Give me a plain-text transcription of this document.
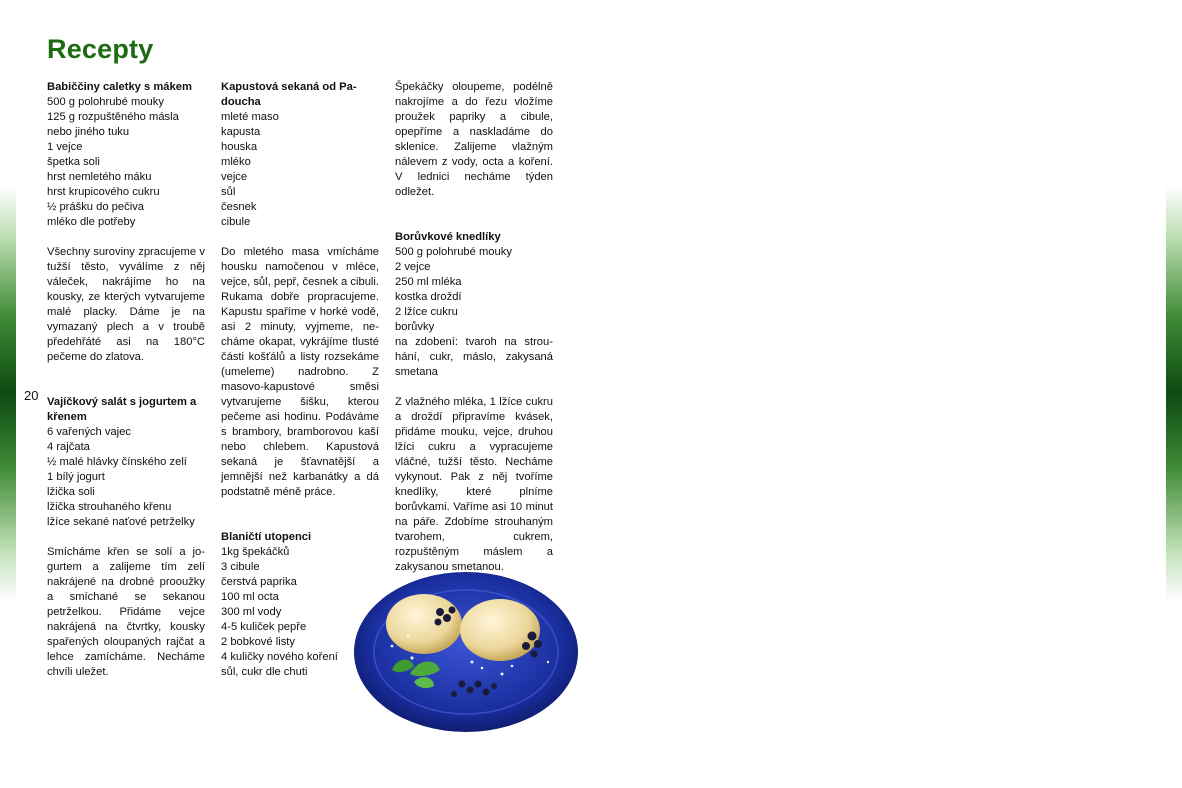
Recepty
20

Babiččiny caletky s mákem

500 g polohrubé mouky

125 g rozpuštěného másla

nebo jiného tuku

1 vejce

špetka soli

hrst nemletého máku

hrst krupicového cukru

½ prášku do pečiva

mléko dle potřeby

Všechny suroviny zpracujeme v tužší těsto, vyválíme z něj váleček, nakrájíme ho na kousky, ze kterých vytvarujeme malé placky. Dáme je na vymazaný plech a v troubě předehřáté asi na 180°C pečeme do zlatova.

Vajíčkový salát s jogurtem a křenem

6 vařených vajec

4 rajčata

½ malé hlávky čínského zelí

1 bílý jogurt

lžička soli

lžička strouhaného křenu

lžíce sekané naťové petrželky

Smícháme křen se solí a jogurtem a zalijeme tím zelí nakrájené na drobné prooužky a smíchané se sekanou petrželkou. Přidáme vejce nakrájená na čtvrtky, kousky spařených oloupaných rajčat a lehce zamícháme. Necháme chvíli uležet.

Kapustová sekaná od Padoucha

mleté maso

kapusta

houska

mléko

vejce

sůl

česnek

cibule

Do mletého masa vmícháme housku namočenou v mléce, vejce, sůl, pepř, česnek a cibuli. Rukama dobře propracujeme. Kapustu spaříme v horké vodě, asi 2 minuty, vyjmeme, necháme okapat, vykrájíme tlusté části košťálů a listy rozsekáme (umeleme) nadrobno. Z masovo-kapustové směsi vytvarujeme šišku, kterou pečeme asi hodinu. Podáváme s brambory, bramborovou kaší nebo chlebem. Kapustová sekaná je šťavnatější a jemnější než karbanátky a dá podstatně méně práce.

Blaničtí utopenci

1kg špekáčků

3 cibule

čerstvá paprika

100 ml octa

300 ml vody

4-5 kuliček pepře

2 bobkové listy

4 kuličky nového koření

sůl, cukr dle chuti

Špekáčky oloupeme, podélně nakrojíme a do řezu vložíme proužek papriky a cibule, opepříme a naskladáme do sklenice. Zalijeme vlažným nálevem z vody, octa a koření. V lednici necháme týden odležet.

Borůvkové knedlíky

500 g polohrubé mouky

2 vejce

250 ml mléka

kostka droždí

2 lžíce cukru

borůvky

na zdobení: tvaroh na strouhání, cukr, máslo, zakysaná smetana

Z vlažného mléka, 1 lžíce cukru a droždí připravíme kvásek, přidáme mouku, vejce, druhou lžíci cukru a vypracujeme vláčné, tužší těsto. Necháme vykynout. Pak z něj tvoříme knedlíky, které plníme borůvkami. Vaříme asi 10 minut na páře. Zdobíme strouhaným tvarohem, cukrem, rozpuštěným máslem a zakysanou smetanou.
